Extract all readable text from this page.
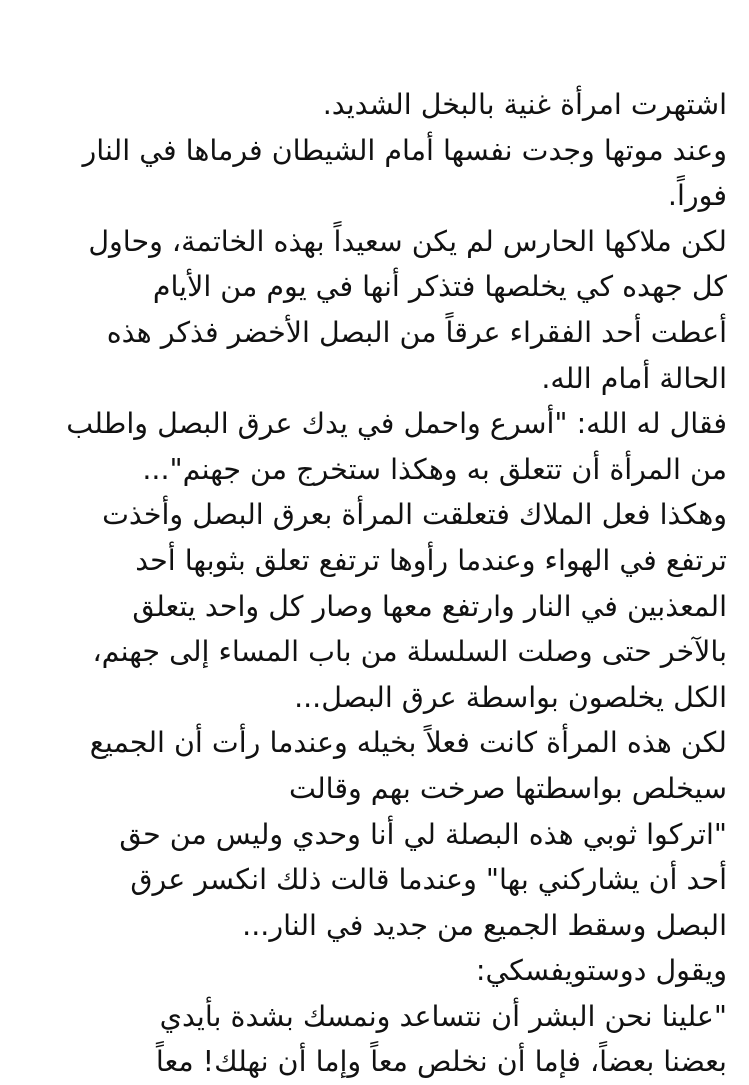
اشتهرت امرأة غنية بالبخل الشديد.
وعند موتها وجدت نفسها أمام الشيطان فرماها في النار
فوراً.
لكن ملاكها الحارس لم يكن سعيداً بهذه الخاتمة، وحاول
كل جهده كي يخلصها فتذكر أنها في يوم من الأيام
أعطت أحد الفقراء عرقاً من البصل الأخضر فذكر هذه
الحالة أمام الله.
فقال له الله: "أسرع واحمل في يدك عرق البصل واطلب
من المرأة أن تتعلق به وهكذا ستخرج من جهنم"...
وهكذا فعل الملاك فتعلقت المرأة بعرق البصل وأخذت
ترتفع في الهواء وعندما رأوها ترتفع تعلق بثوبها أحد
المعذبين في النار وارتفع معها وصار كل واحد يتعلق
بالآخر حتى وصلت السلسلة من باب المساء إلى جهنم،
الكل يخلصون بواسطة عرق البصل...
لكن هذه المرأة كانت فعلاً بخيله وعندما رأت أن الجميع
سيخلص بواسطتها صرخت بهم وقالت
"اتركوا ثوبي هذه البصلة لي أنا وحدي وليس من حق
أحد أن يشاركني بها" وعندما قالت ذلك انكسر عرق
البصل وسقط الجميع من جديد في النار...
ويقول دوستويفسكي:
"علينا نحن البشر أن نتساعد ونمسك بشدة بأيدي
بعضنا بعضاً، فإما أن نخلص معاً وإما أن نهلك! معاً
